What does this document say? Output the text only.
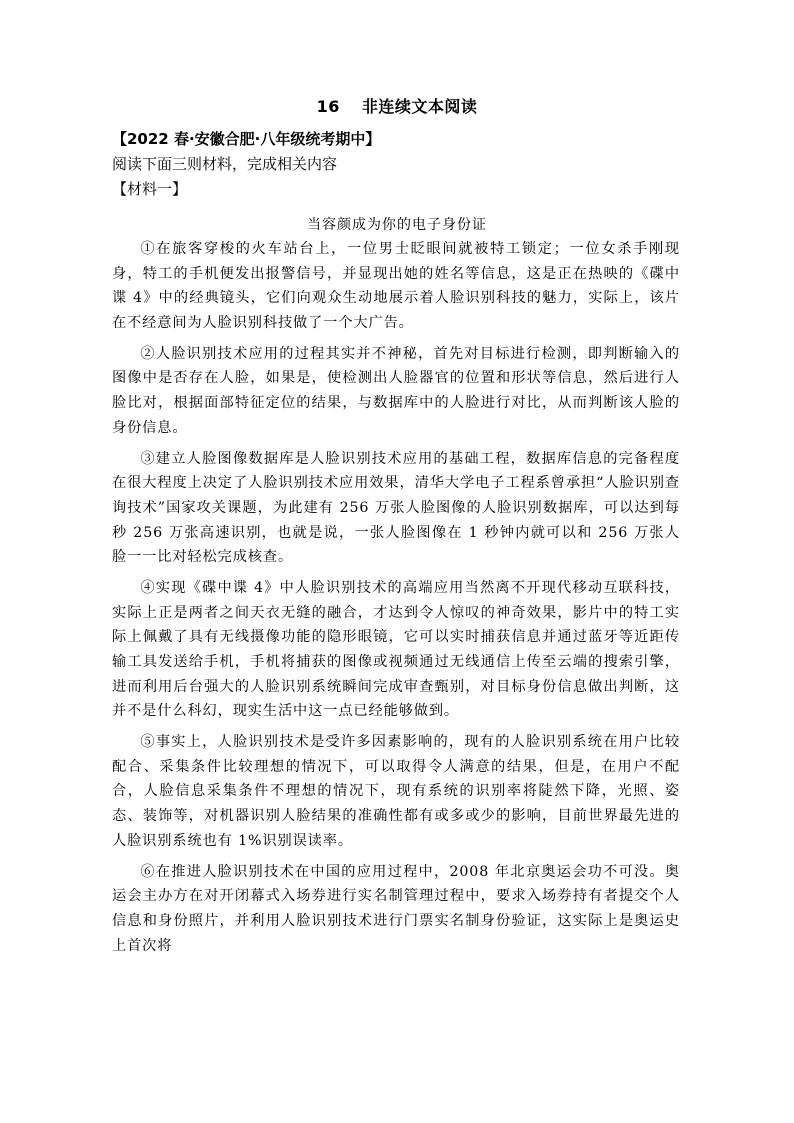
16 非连续文本阅读
【2022 春·安徽合肥·八年级统考期中】
阅读下面三则材料，完成相关内容
【材料一】
当容颜成为你的电子身份证

①在旅客穿梭的火车站台上，一位男士眨眼间就被特工锁定；一位女杀手刚现身，特工的手机便发出报警信号，并显现出她的姓名等信息，这是正在热映的《碟中谍 4》中的经典镜头，它们向观众生动地展示着人脸识别科技的魅力，实际上，该片在不经意间为人脸识别科技做了一个大广告。

②人脸识别技术应用的过程其实并不神秘，首先对目标进行检测，即判断输入的图像中是否存在人脸，如果是，使检测出人脸器官的位置和形状等信息，然后进行人脸比对，根据面部特征定位的结果，与数据库中的人脸进行对比，从而判断该人脸的身份信息。

③建立人脸图像数据库是人脸识别技术应用的基础工程，数据库信息的完备程度在很大程度上决定了人脸识别技术应用效果，清华大学电子工程系曾承担“人脸识别查询技术”国家攻关课题，为此建有 256 万张人脸图像的人脸识别数据库，可以达到每秒 256 万张高速识别，也就是说，一张人脸图像在 1 秒钟内就可以和 256 万张人脸一一比对轻松完成核查。

④实现《碟中谍 4》中人脸识别技术的高端应用当然离不开现代移动互联科技，实际上正是两者之间天衣无缝的融合，才达到令人惊叹的神奇效果，影片中的特工实际上佩戴了具有无线摄像功能的隐形眼镜，它可以实时捕获信息并通过蓝牙等近距传输工具发送给手机，手机将捕获的图像或视频通过无线通信上传至云端的搜索引擎，进而利用后台强大的人脸识别系统瞬间完成审查甄别，对目标身份信息做出判断，这并不是什么科幻，现实生活中这一点已经能够做到。

⑤事实上，人脸识别技术是受许多因素影响的，现有的人脸识别系统在用户比较配合、采集条件比较理想的情况下，可以取得令人满意的结果，但是，在用户不配合，人脸信息采集条件不理想的情况下，现有系统的识别率将陡然下降，光照、姿态、装饰等，对机器识别人脸结果的准确性都有或多或少的影响，目前世界最先进的人脸识别系统也有 1%识别误读率。

⑥在推进人脸识别技术在中国的应用过程中，2008 年北京奥运会功不可没。奥运会主办方在对开闭幕式入场券进行实名制管理过程中，要求入场券持有者提交个人信息和身份照片，并利用人脸识别技术进行门票实名制身份验证，这实际上是奥运史上首次将
